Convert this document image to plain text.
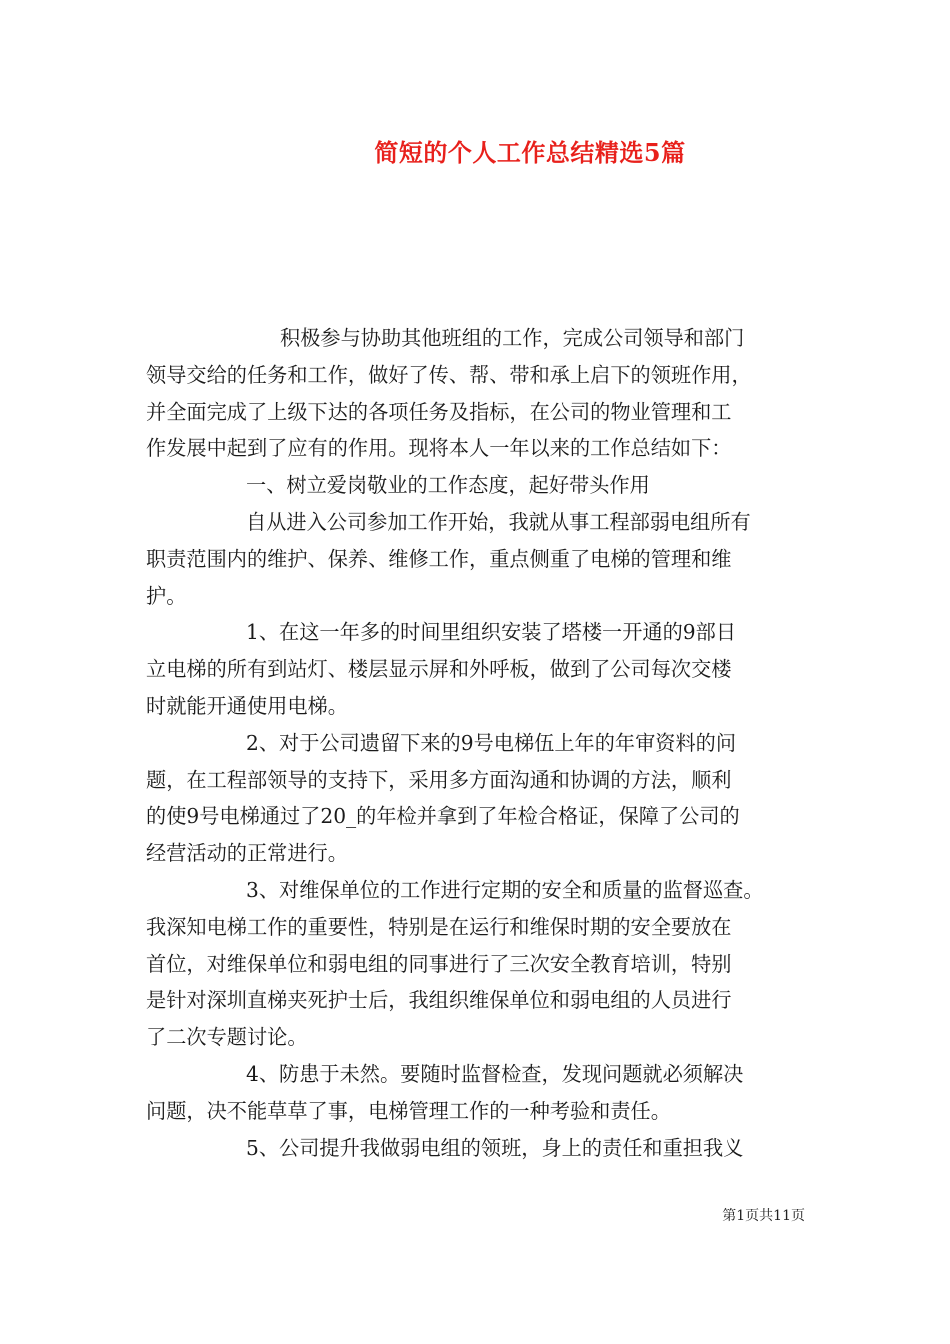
简短的个人工作总结精选5篇
积极参与协助其他班组的工作，完成公司领导和部门
领导交给的任务和工作，做好了传、帮、带和承上启下的领班作用，
并全面完成了上级下达的各项任务及指标，在公司的物业管理和工
作发展中起到了应有的作用。现将本人一年以来的工作总结如下：
一、树立爱岗敬业的工作态度，起好带头作用
自从进入公司参加工作开始，我就从事工程部弱电组所有
职责范围内的维护、保养、维修工作，重点侧重了电梯的管理和维
护。
1、在这一年多的时间里组织安装了塔楼一开通的9部日
立电梯的所有到站灯、楼层显示屏和外呼板，做到了公司每次交楼
时就能开通使用电梯。
2、对于公司遗留下来的9号电梯伍上年的年审资料的问
题，在工程部领导的支持下，采用多方面沟通和协调的方法，顺利
的使9号电梯通过了20_的年检并拿到了年检合格证，保障了公司的
经营活动的正常进行。
3、对维保单位的工作进行定期的安全和质量的监督巡查。
我深知电梯工作的重要性，特别是在运行和维保时期的安全要放在
首位，对维保单位和弱电组的同事进行了三次安全教育培训，特别
是针对深圳直梯夹死护士后，我组织维保单位和弱电组的人员进行
了二次专题讨论。
4、防患于未然。要随时监督检查，发现问题就必须解决
问题，决不能草草了事，电梯管理工作的一种考验和责任。
5、公司提升我做弱电组的领班，身上的责任和重担我义
第1页共11页
